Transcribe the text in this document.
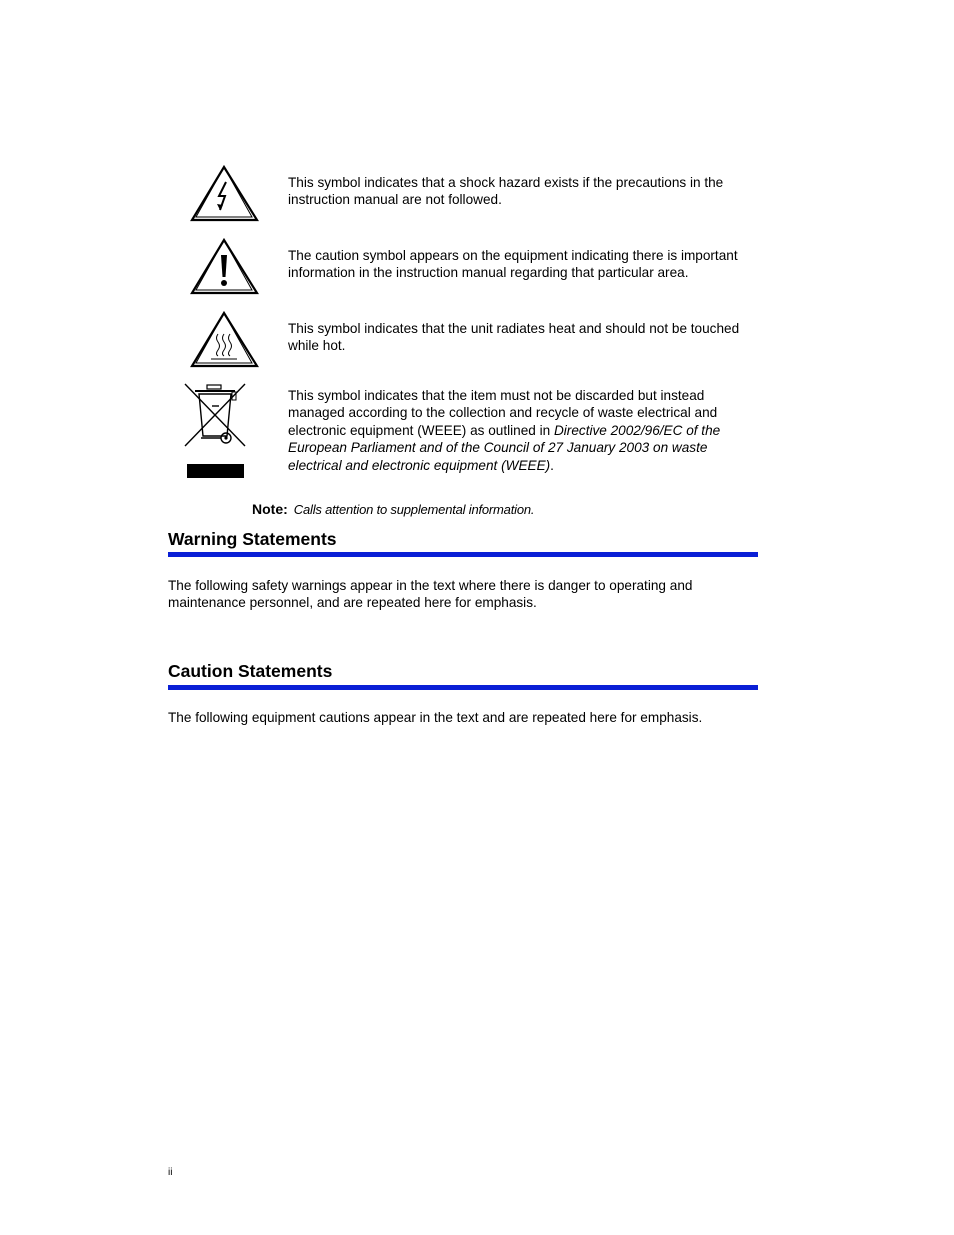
This symbol indicates that a shock hazard exists if the precautions in the instruction manual are not followed.
The caution symbol appears on the equipment indicating there is important information in the instruction manual regarding that particular area.
This symbol indicates that the unit radiates heat and should not be touched while hot.
This symbol indicates that the item must not be discarded but instead managed according to the collection and recycle of waste electrical and electronic equipment (WEEE) as outlined in Directive 2002/96/EC of the European Parliament and of the Council of 27 January 2003 on waste electrical and electronic equipment (WEEE).
Note: Calls attention to supplemental information.
Warning Statements
The following safety warnings appear in the text where there is danger to operating and maintenance personnel, and are repeated here for emphasis.
Caution Statements
The following equipment cautions appear in the text and are repeated here for emphasis.
ii
